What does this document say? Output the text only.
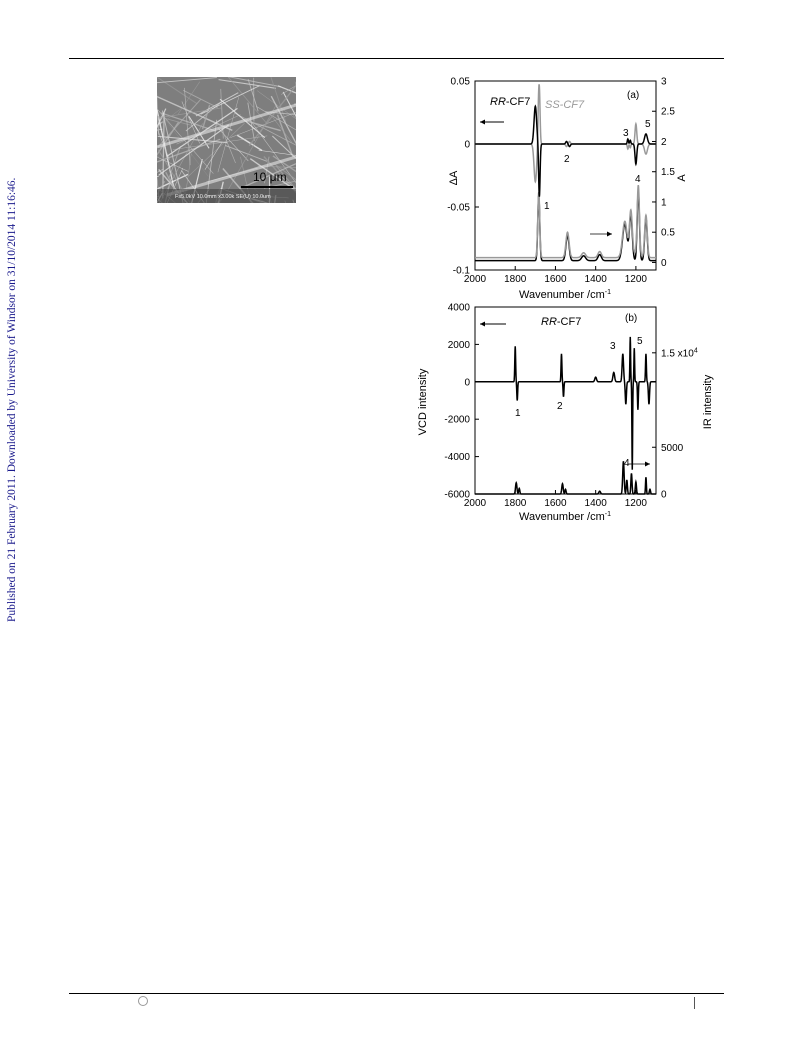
Published on 21 February 2011. Downloaded by University of Windsor on 31/10/2014 11:16:46.
10 μm
Fs5.0kV 10.0mm x3.00k SE(U) 10.0um
2000 1800 1600 1400 1200
0.05
0
-0.05
-0.1
3
2.5
2
1.5
1
0.5
0
RR-CF7 SS-CF7
(a)
1
2
3
4
5
Wavenumber $/cm^{-1}$
ΔA	A
2000 1800 1600 1400 1200
4000
2000
0
-2000
-4000
-6000
1.5 $x10^4$
5000
0
RR-CF7	(b)
1
2
3
4
5
Wavenumber $/cm^{-1}$
VCD intensity	IR intensity
